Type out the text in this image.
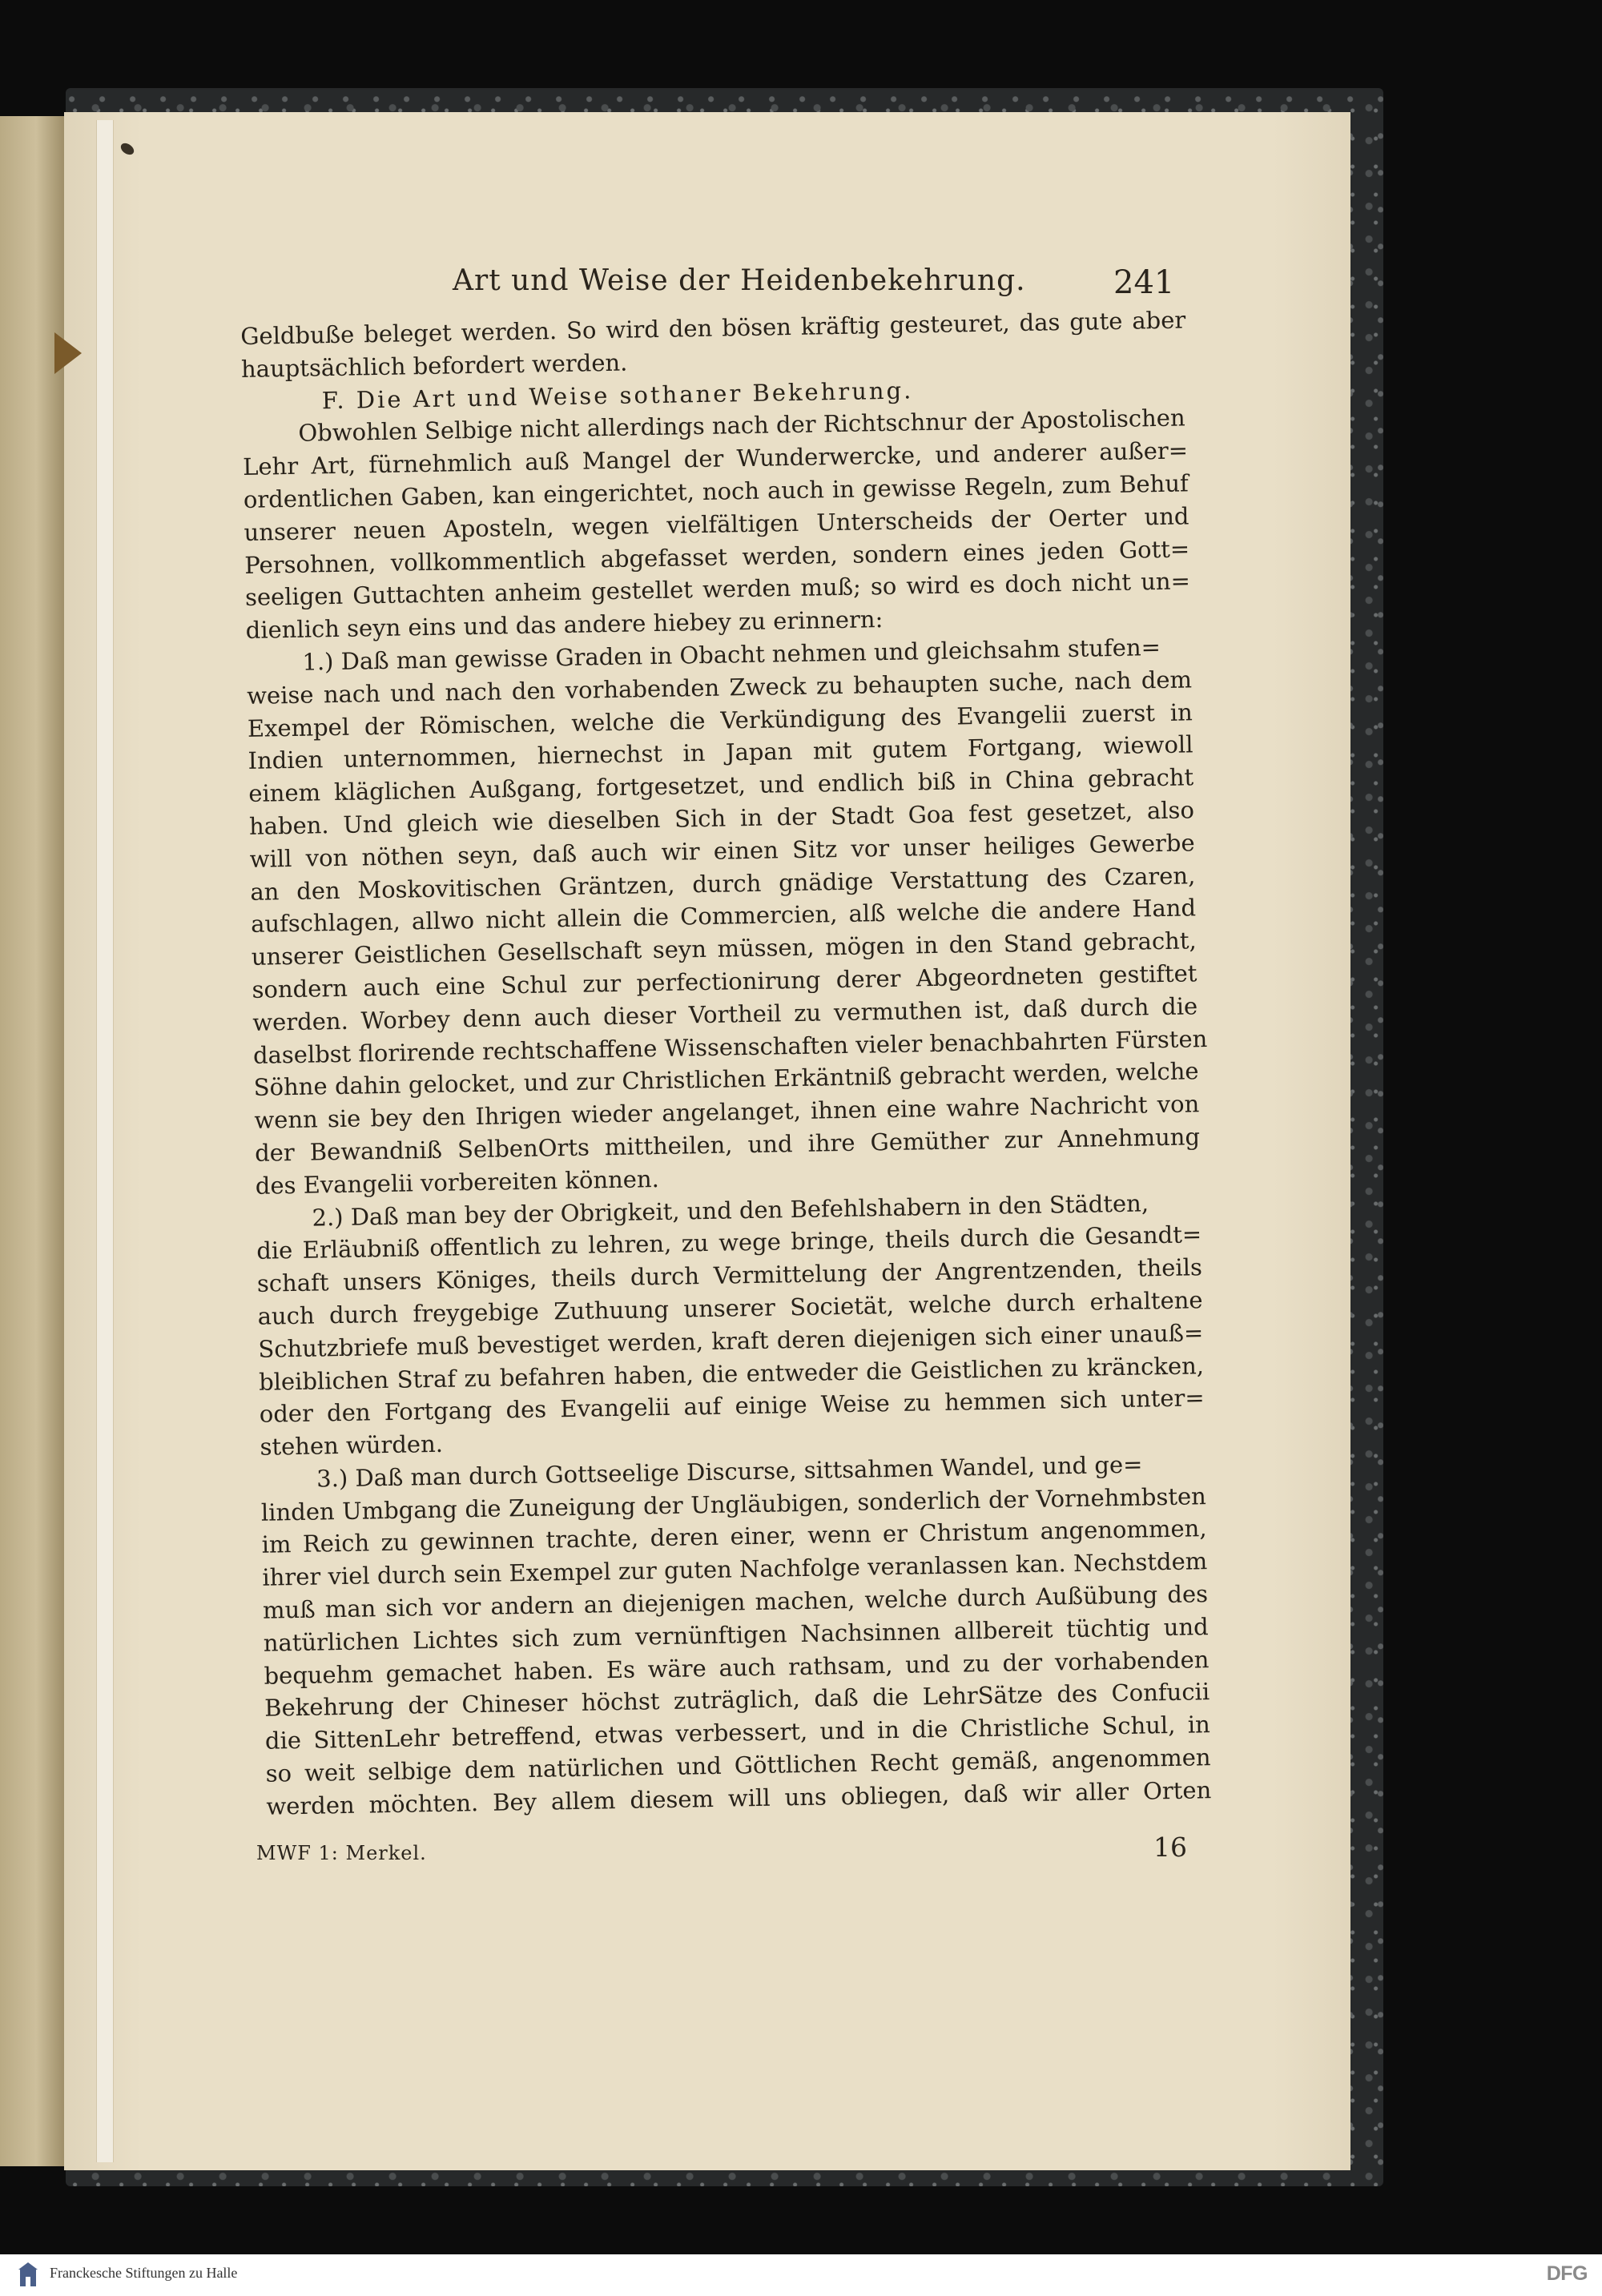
Art und Weise der Heidenbekehrung.	241
Geldbuße beleget werden. So wird den bösen kräftig gesteuret, das gute aber
hauptsächlich befordert werden.
F. Die Art und Weise sothaner Bekehrung.
Obwohlen Selbige nicht allerdings nach der Richtschnur der Apostolischen
Lehr Art, fürnehmlich auß Mangel der Wunderwercke, und anderer außer=
ordentlichen Gaben, kan eingerichtet, noch auch in gewisse Regeln, zum Behuf
unserer neuen Aposteln, wegen vielfältigen Unterscheids der Oerter und
Persohnen, vollkommentlich abgefasset werden, sondern eines jeden Gott=
seeligen Guttachten anheim gestellet werden muß; so wird es doch nicht un=
dienlich seyn eins und das andere hiebey zu erinnern:
1.) Daß man gewisse Graden in Obacht nehmen und gleichsahm stufen=
weise nach und nach den vorhabenden Zweck zu behaupten suche, nach dem
Exempel der Römischen, welche die Verkündigung des Evangelii zuerst in
Indien unternommen, hiernechst in Japan mit gutem Fortgang, wiewoll
einem kläglichen Außgang, fortgesetzet, und endlich biß in China gebracht
haben. Und gleich wie dieselben Sich in der Stadt Goa fest gesetzet, also
will von nöthen seyn, daß auch wir einen Sitz vor unser heiliges Gewerbe
an den Moskovitischen Gräntzen, durch gnädige Verstattung des Czaren,
aufschlagen, allwo nicht allein die Commercien, alß welche die andere Hand
unserer Geistlichen Gesellschaft seyn müssen, mögen in den Stand gebracht,
sondern auch eine Schul zur perfectionirung derer Abgeordneten gestiftet
werden. Worbey denn auch dieser Vortheil zu vermuthen ist, daß durch die
daselbst florirende rechtschaffene Wissenschaften vieler benachbahrten Fürsten
Söhne dahin gelocket, und zur Christlichen Erkäntniß gebracht werden, welche
wenn sie bey den Ihrigen wieder angelanget, ihnen eine wahre Nachricht von
der Bewandniß SelbenOrts mittheilen, und ihre Gemüther zur Annehmung
des Evangelii vorbereiten können.
2.) Daß man bey der Obrigkeit, und den Befehlshabern in den Städten,
die Erläubniß offentlich zu lehren, zu wege bringe, theils durch die Gesandt=
schaft unsers Königes, theils durch Vermittelung der Angrentzenden, theils
auch durch freygebige Zuthuung unserer Societät, welche durch erhaltene
Schutzbriefe muß bevestiget werden, kraft deren diejenigen sich einer unauß=
bleiblichen Straf zu befahren haben, die entweder die Geistlichen zu kräncken,
oder den Fortgang des Evangelii auf einige Weise zu hemmen sich unter=
stehen würden.
3.) Daß man durch Gottseelige Discurse, sittsahmen Wandel, und ge=
linden Umbgang die Zuneigung der Ungläubigen, sonderlich der Vornehmbsten
im Reich zu gewinnen trachte, deren einer, wenn er Christum angenommen,
ihrer viel durch sein Exempel zur guten Nachfolge veranlassen kan. Nechstdem
muß man sich vor andern an diejenigen machen, welche durch Außübung des
natürlichen Lichtes sich zum vernünftigen Nachsinnen allbereit tüchtig und
bequehm gemachet haben. Es wäre auch rathsam, und zu der vorhabenden
Bekehrung der Chineser höchst zuträglich, daß die LehrSätze des Confucii
die SittenLehr betreffend, etwas verbessert, und in die Christliche Schul, in
so weit selbige dem natürlichen und Göttlichen Recht gemäß, angenommen
werden möchten. Bey allem diesem will uns obliegen, daß wir aller Orten
MWF 1: Merkel.	16
Franckesche Stiftungen zu Halle	DFG
